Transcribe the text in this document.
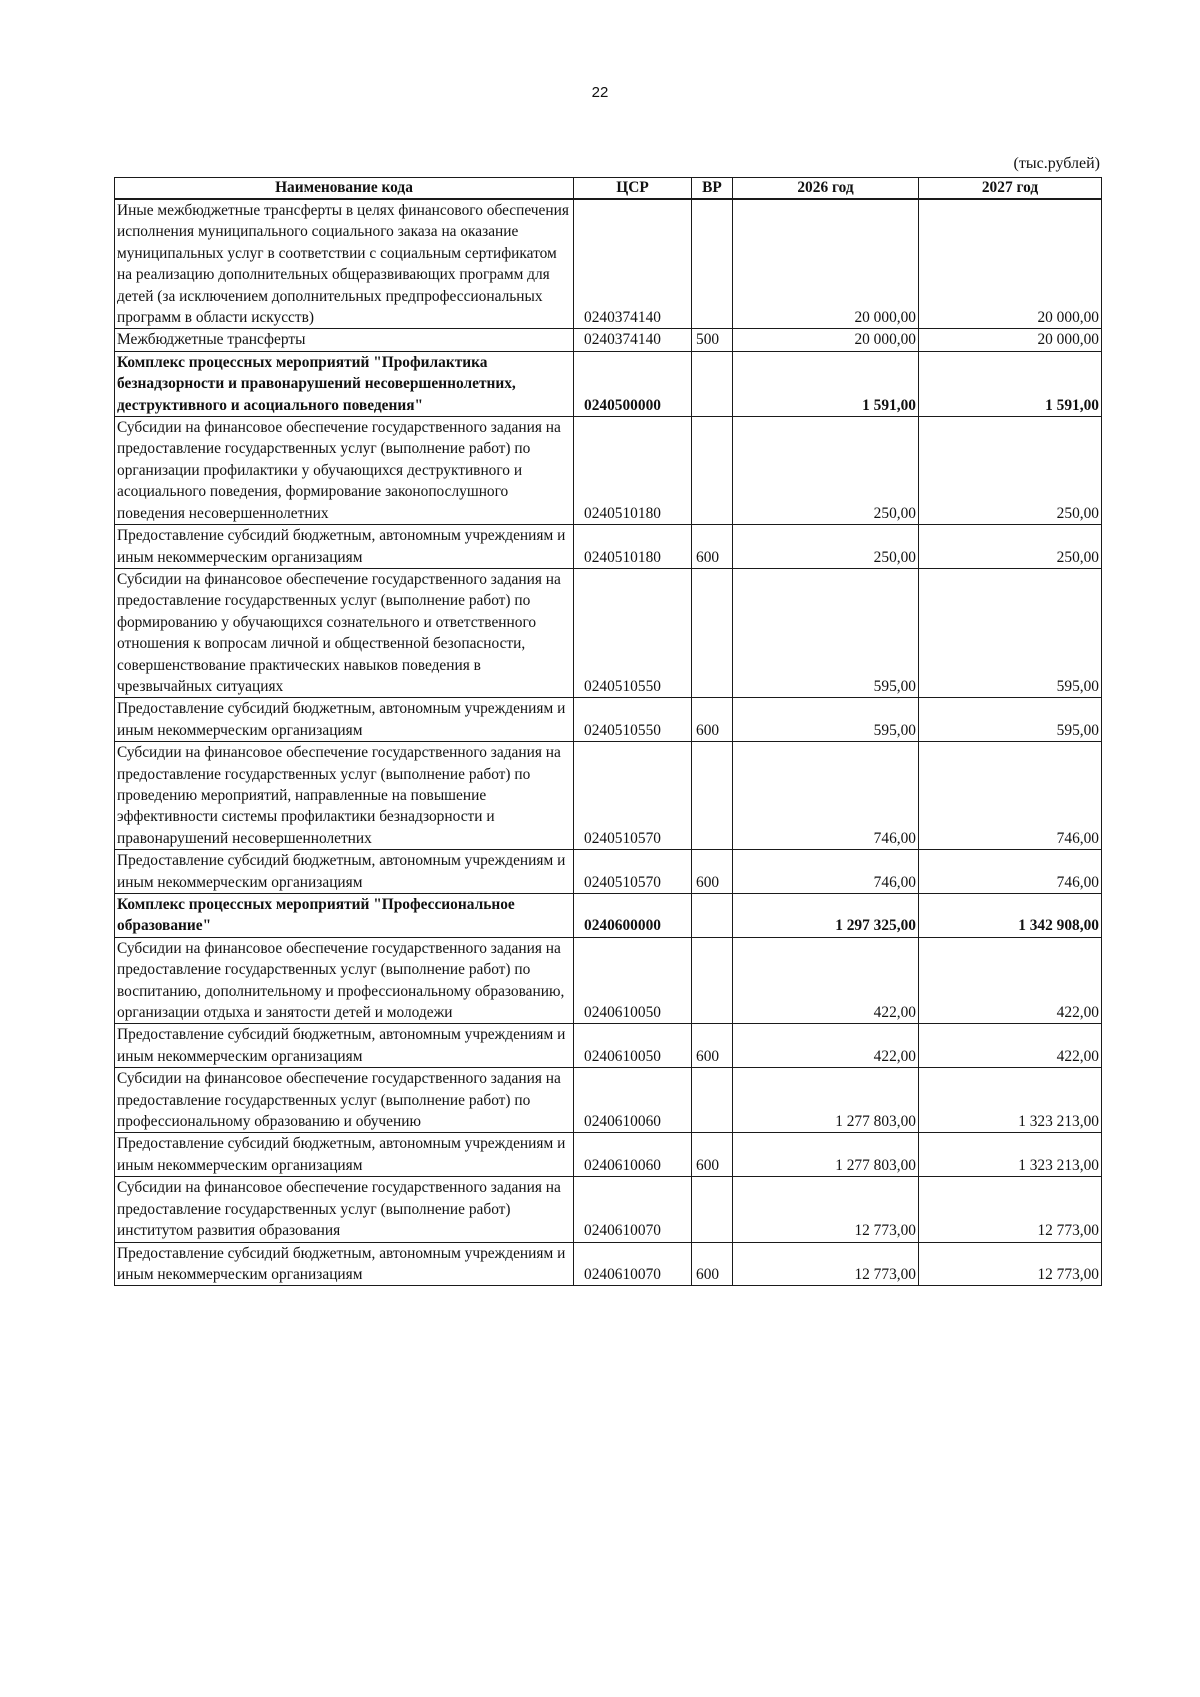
22
(тыс.рублей)
Наименование кода	ЦСР	ВР	2026 год	2027 год
Иные межбюджетные трансферты в целях финансового обеспечения исполнения муниципального социального заказа на оказание муниципальных услуг в соответствии с социальным сертификатом на реализацию дополнительных общеразвивающих программ для детей (за исключением дополнительных предпрофессиональных программ в области искусств)	0240374140		20 000,00	20 000,00
Межбюджетные трансферты	0240374140	500	20 000,00	20 000,00
Комплекс процессных мероприятий "Профилактика безнадзорности и правонарушений несовершеннолетних, деструктивного и асоциального поведения"	0240500000		1 591,00	1 591,00
Субсидии на финансовое обеспечение государственного задания на предоставление государственных услуг (выполнение работ) по организации профилактики у обучающихся деструктивного и асоциального поведения, формирование законопослушного поведения несовершеннолетних	0240510180		250,00	250,00
Предоставление субсидий бюджетным, автономным учреждениям и иным некоммерческим организациям	0240510180	600	250,00	250,00
Субсидии на финансовое обеспечение государственного задания на предоставление государственных услуг (выполнение работ) по формированию у обучающихся сознательного и ответственного отношения к вопросам личной и общественной безопасности, совершенствование практических навыков поведения в чрезвычайных ситуациях	0240510550		595,00	595,00
Предоставление субсидий бюджетным, автономным учреждениям и иным некоммерческим организациям	0240510550	600	595,00	595,00
Субсидии на финансовое обеспечение государственного задания на предоставление государственных услуг (выполнение работ) по проведению мероприятий, направленные на повышение эффективности системы профилактики безнадзорности и правонарушений несовершеннолетних	0240510570		746,00	746,00
Предоставление субсидий бюджетным, автономным учреждениям и иным некоммерческим организациям	0240510570	600	746,00	746,00
Комплекс процессных мероприятий "Профессиональное образование"	0240600000		1 297 325,00	1 342 908,00
Субсидии на финансовое обеспечение государственного задания на предоставление государственных услуг (выполнение работ) по воспитанию, дополнительному и профессиональному образованию, организации отдыха и занятости детей и молодежи	0240610050		422,00	422,00
Предоставление субсидий бюджетным, автономным учреждениям и иным некоммерческим организациям	0240610050	600	422,00	422,00
Субсидии на финансовое обеспечение государственного задания на предоставление государственных услуг (выполнение работ) по профессиональному образованию и обучению	0240610060		1 277 803,00	1 323 213,00
Предоставление субсидий бюджетным, автономным учреждениям и иным некоммерческим организациям	0240610060	600	1 277 803,00	1 323 213,00
Субсидии на финансовое обеспечение государственного задания на предоставление государственных услуг (выполнение работ) институтом развития образования	0240610070		12 773,00	12 773,00
Предоставление субсидий бюджетным, автономным учреждениям и иным некоммерческим организациям	0240610070	600	12 773,00	12 773,00
